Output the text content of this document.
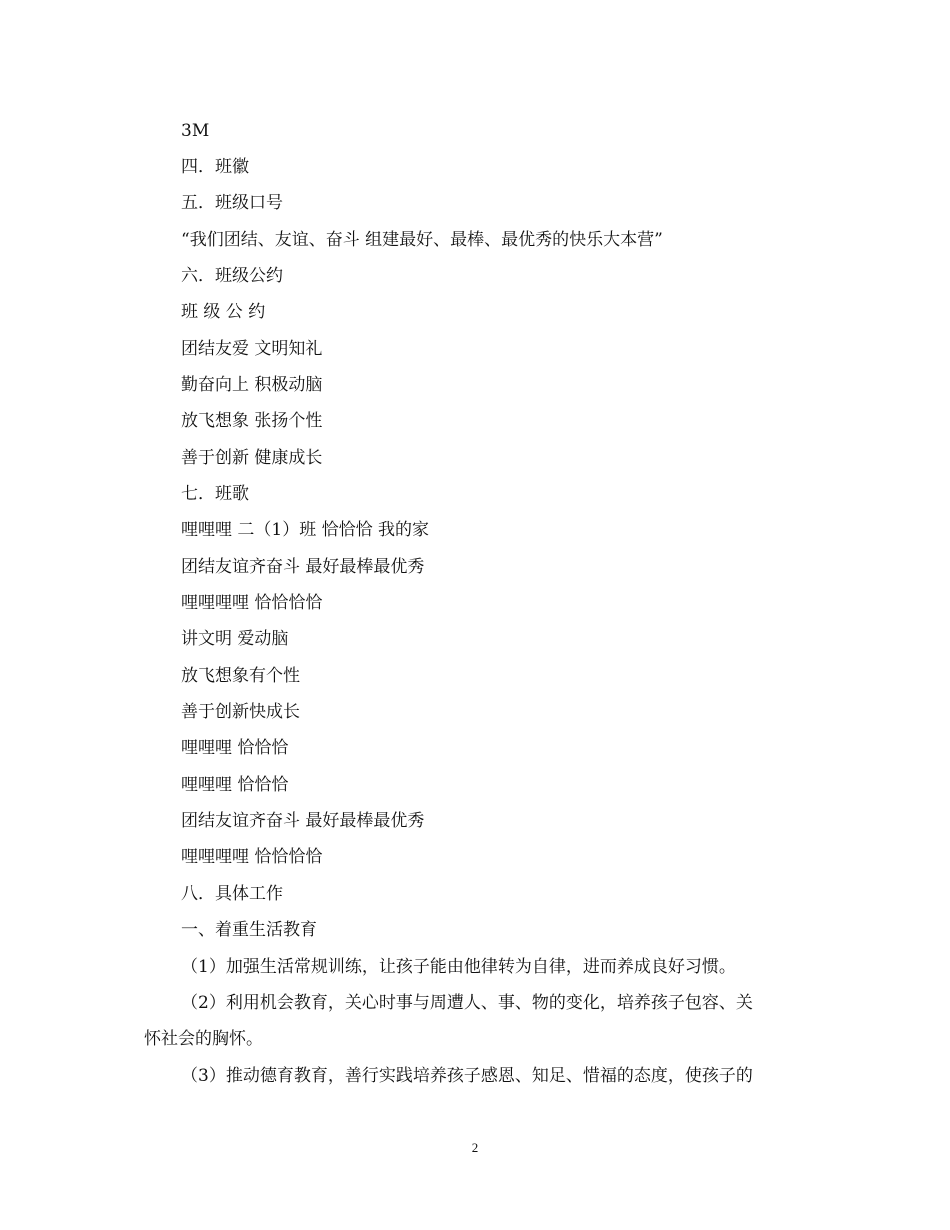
3M
四．班徽
五．班级口号
“我们团结、友谊、奋斗 组建最好、最棒、最优秀的快乐大本营”
六．班级公约
班 级 公 约
团结友爱 文明知礼
勤奋向上 积极动脑
放飞想象 张扬个性
善于创新 健康成长
七．班歌
哩哩哩 二（1）班 恰恰恰 我的家
团结友谊齐奋斗 最好最棒最优秀
哩哩哩哩 恰恰恰恰
讲文明 爱动脑
放飞想象有个性
善于创新快成长
哩哩哩 恰恰恰
哩哩哩 恰恰恰
团结友谊齐奋斗 最好最棒最优秀
哩哩哩哩 恰恰恰恰
八．具体工作
一、着重生活教育
（1）加强生活常规训练，让孩子能由他律转为自律，进而养成良好习惯。
（2）利用机会教育，关心时事与周遭人、事、物的变化，培养孩子包容、关
怀社会的胸怀。
（3）推动德育教育，善行实践培养孩子感恩、知足、惜福的态度，使孩子的
2
